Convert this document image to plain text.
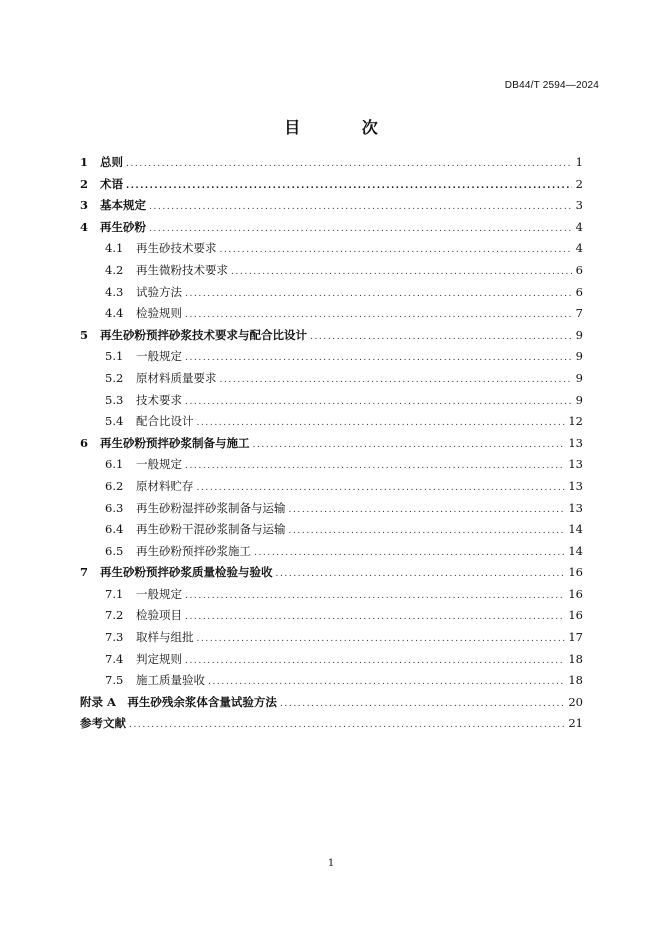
DB44/T 2594—2024
目 次
1	总则 .....	1
2	术语 .....	2
3	基本规定 .....	3
4	再生砂粉 .....	4
4.1	再生砂技术要求 .....	4
4.2	再生微粉技术要求 .....	6
4.3	试验方法 .....	6
4.4	检验规则 .....	7
5	再生砂粉预拌砂浆技术要求与配合比设计 .....	9
5.1	一般规定 .....	9
5.2	原材料质量要求 .....	9
5.3	技术要求 .....	9
5.4	配合比设计 .....	12
6	再生砂粉预拌砂浆制备与施工 .....	13
6.1	一般规定 .....	13
6.2	原材料贮存 .....	13
6.3	再生砂粉湿拌砂浆制备与运输 .....	13
6.4	再生砂粉干混砂浆制备与运输 .....	14
6.5	再生砂粉预拌砂浆施工 .....	14
7	再生砂粉预拌砂浆质量检验与验收 .....	16
7.1	一般规定 .....	16
7.2	检验项目 .....	16
7.3	取样与组批 .....	17
7.4	判定规则 .....	18
7.5	施工质量验收 .....	18
附录 A　再生砂残余浆体含量试验方法 .....	20
参考文献 .....	21
1
